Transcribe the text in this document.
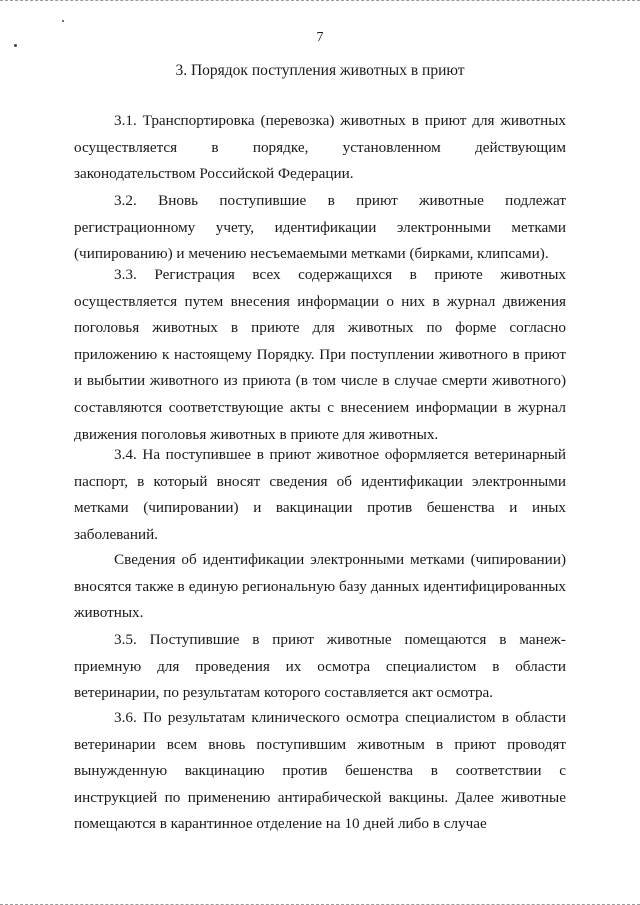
7
3. Порядок поступления животных в приют

3.1. Транспортировка (перевозка) животных в приют для животных осуществляется в порядке, установленном действующим законодательством Российской Федерации.

3.2. Вновь поступившие в приют животные подлежат регистрационному учету, идентификации электронными метками (чипированию) и мечению несъемаемыми метками (бирками, клипсами).

3.3. Регистрация всех содержащихся в приюте животных осуществляется путем внесения информации о них в журнал движения поголовья животных в приюте для животных по форме согласно приложению к настоящему Порядку. При поступлении животного в приют и выбытии животного из приюта (в том числе в случае смерти животного) составляются соответствующие акты с внесением информации в журнал движения поголовья животных в приюте для животных.

3.4. На поступившее в приют животное оформляется ветеринарный паспорт, в который вносят сведения об идентификации электронными метками (чипировании) и вакцинации против бешенства и иных заболеваний.

Сведения об идентификации электронными метками (чипировании) вносятся также в единую региональную базу данных идентифицированных животных.

3.5. Поступившие в приют животные помещаются в манеж-приемную для проведения их осмотра специалистом в области ветеринарии, по результатам которого составляется акт осмотра.

3.6. По результатам клинического осмотра специалистом в области ветеринарии всем вновь поступившим животным в приют проводят вынужденную вакцинацию против бешенства в соответствии с инструкцией по применению антирабической вакцины. Далее животные помещаются в карантинное отделение на 10 дней либо в случае
